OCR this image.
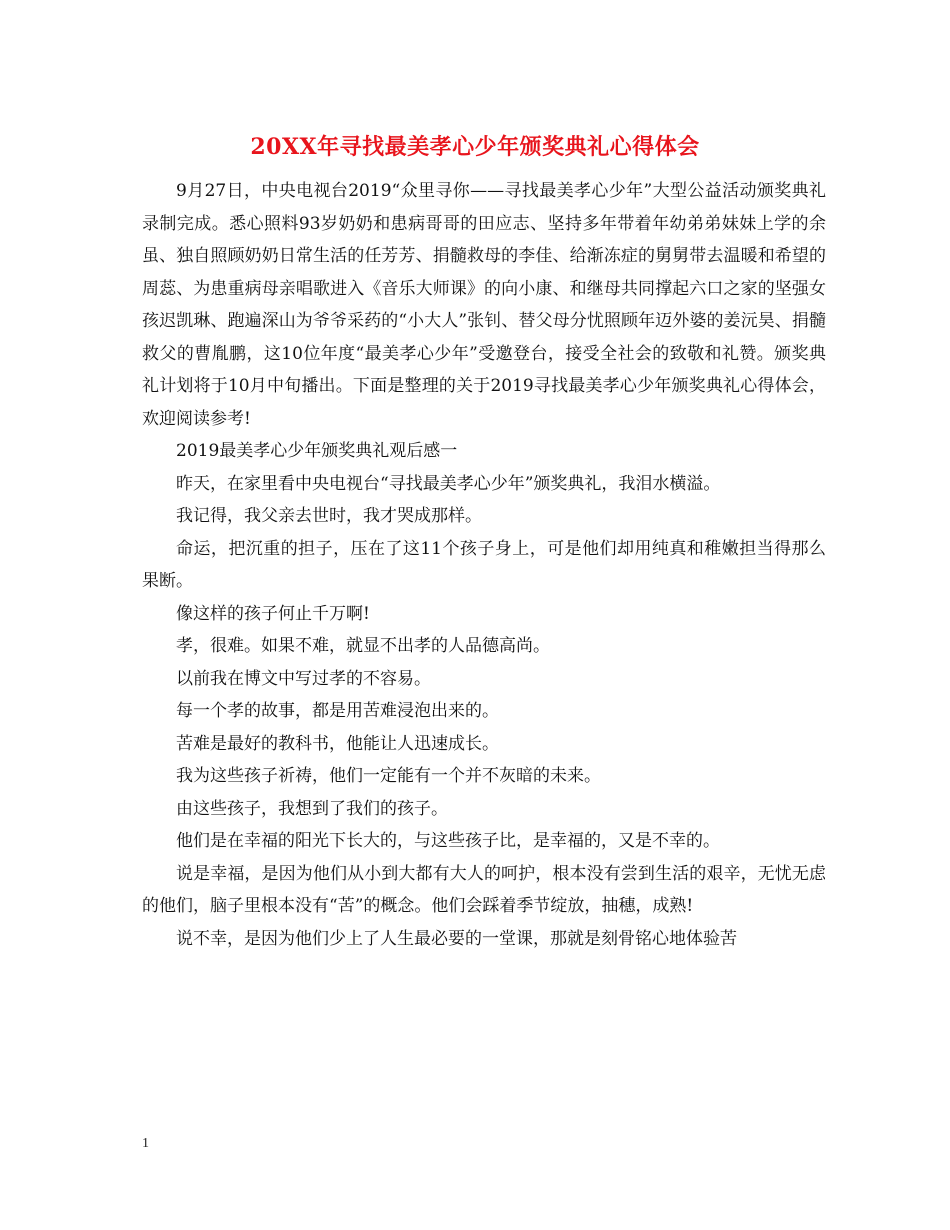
20XX年寻找最美孝心少年颁奖典礼心得体会

9月27日，中央电视台2019“众里寻你——寻找最美孝心少年”大型公益活动颁奖典礼录制完成。悉心照料93岁奶奶和患病哥哥的田应志、坚持多年带着年幼弟弟妹妹上学的余虽、独自照顾奶奶日常生活的任芳芳、捐髓救母的李佳、给渐冻症的舅舅带去温暖和希望的周蕊、为患重病母亲唱歌进入《音乐大师课》的向小康、和继母共同撑起六口之家的坚强女孩迟凯琳、跑遍深山为爷爷采药的“小大人”张钊、替父母分忧照顾年迈外婆的姜沅昊、捐髓救父的曹胤鹏，这10位年度“最美孝心少年”受邀登台，接受全社会的致敬和礼赞。颁奖典礼计划将于10月中旬播出。下面是整理的关于2019寻找最美孝心少年颁奖典礼心得体会，欢迎阅读参考!

2019最美孝心少年颁奖典礼观后感一

昨天，在家里看中央电视台“寻找最美孝心少年”颁奖典礼，我泪水横溢。

我记得，我父亲去世时，我才哭成那样。

命运，把沉重的担子，压在了这11个孩子身上，可是他们却用纯真和稚嫩担当得那么果断。

像这样的孩子何止千万啊!

孝，很难。如果不难，就显不出孝的人品德高尚。

以前我在博文中写过孝的不容易。

每一个孝的故事，都是用苦难浸泡出来的。

苦难是最好的教科书，他能让人迅速成长。

我为这些孩子祈祷，他们一定能有一个并不灰暗的未来。

由这些孩子，我想到了我们的孩子。

他们是在幸福的阳光下长大的，与这些孩子比，是幸福的，又是不幸的。

说是幸福，是因为他们从小到大都有大人的呵护，根本没有尝到生活的艰辛，无忧无虑的他们，脑子里根本没有“苦”的概念。他们会踩着季节绽放，抽穗，成熟!

说不幸，是因为他们少上了人生最必要的一堂课，那就是刻骨铭心地体验苦

1
